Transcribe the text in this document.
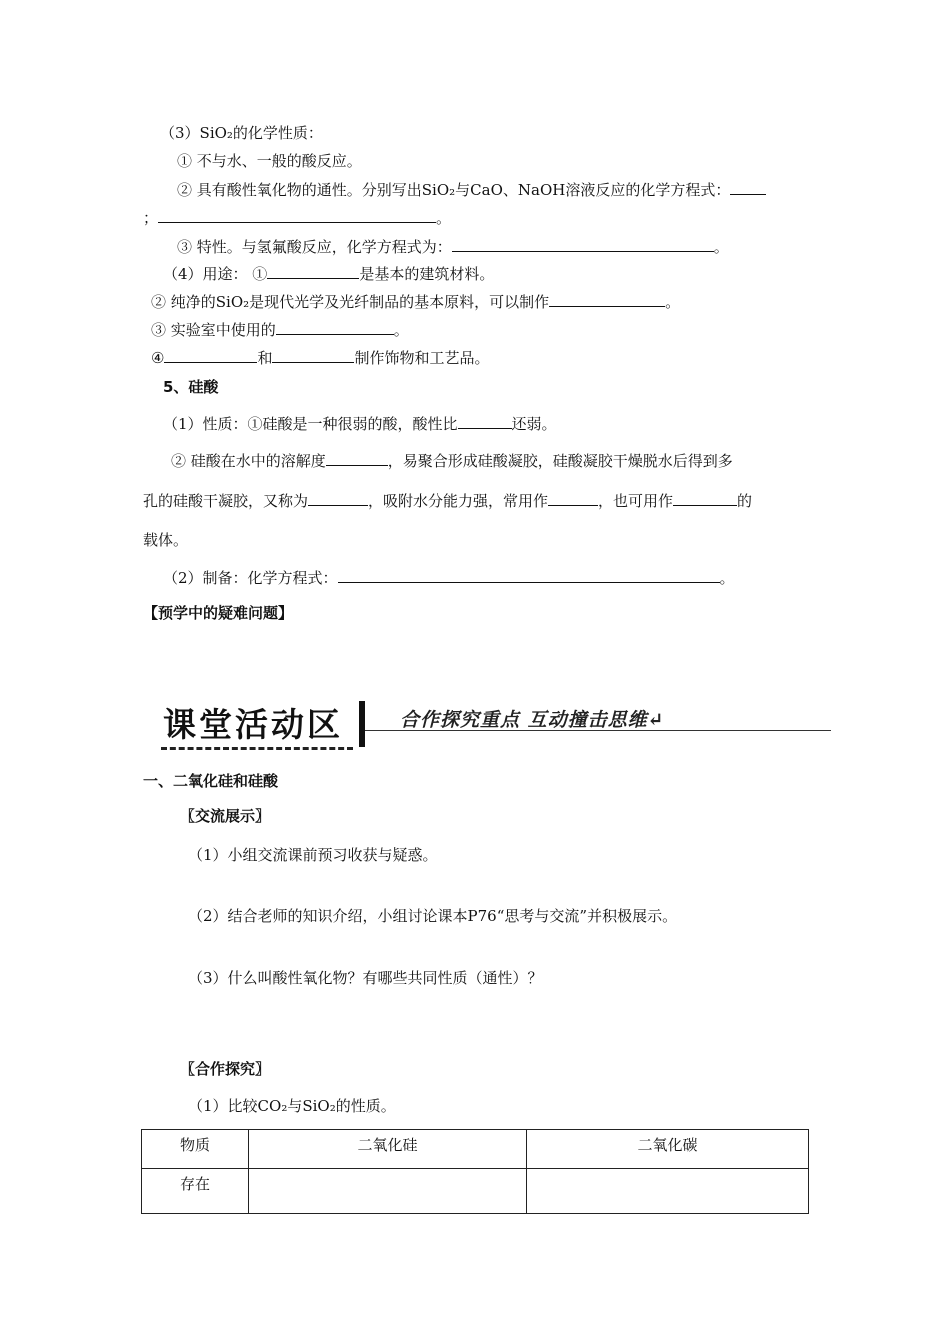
（3）SiO₂的化学性质：
① 不与水、一般的酸反应。
② 具有酸性氧化物的通性。分别写出SiO₂与CaO、NaOH溶液反应的化学方程式：
；	。
③ 特性。与氢氟酸反应，化学方程式为：	。
（4）用途： ①	是基本的建筑材料。
② 纯净的SiO₂是现代光学及光纤制品的基本原料，可以制作	。
③ 实验室中使用的	。
④	和	制作饰物和工艺品。
5、硅酸
（1）性质：①硅酸是一种很弱的酸，酸性比	还弱。
② 硅酸在水中的溶解度	，易聚合形成硅酸凝胶，硅酸凝胶干燥脱水后得到多
孔的硅酸干凝胶，又称为	，吸附水分能力强，常用作	，也可用作	的
载体。
（2）制备：化学方程式：	。
【预学中的疑难问题】
课堂活动区	合作探究重点 互动撞击思维↵
一、二氧化硅和硅酸
〖交流展示〗
（1）小组交流课前预习收获与疑惑。
（2）结合老师的知识介绍，小组讨论课本P76“思考与交流”并积极展示。
（3）什么叫酸性氧化物？有哪些共同性质（通性）？
〖合作探究〗
（1）比较CO₂与SiO₂的性质。
物质	二氧化硅	二氧化碳
存在		
